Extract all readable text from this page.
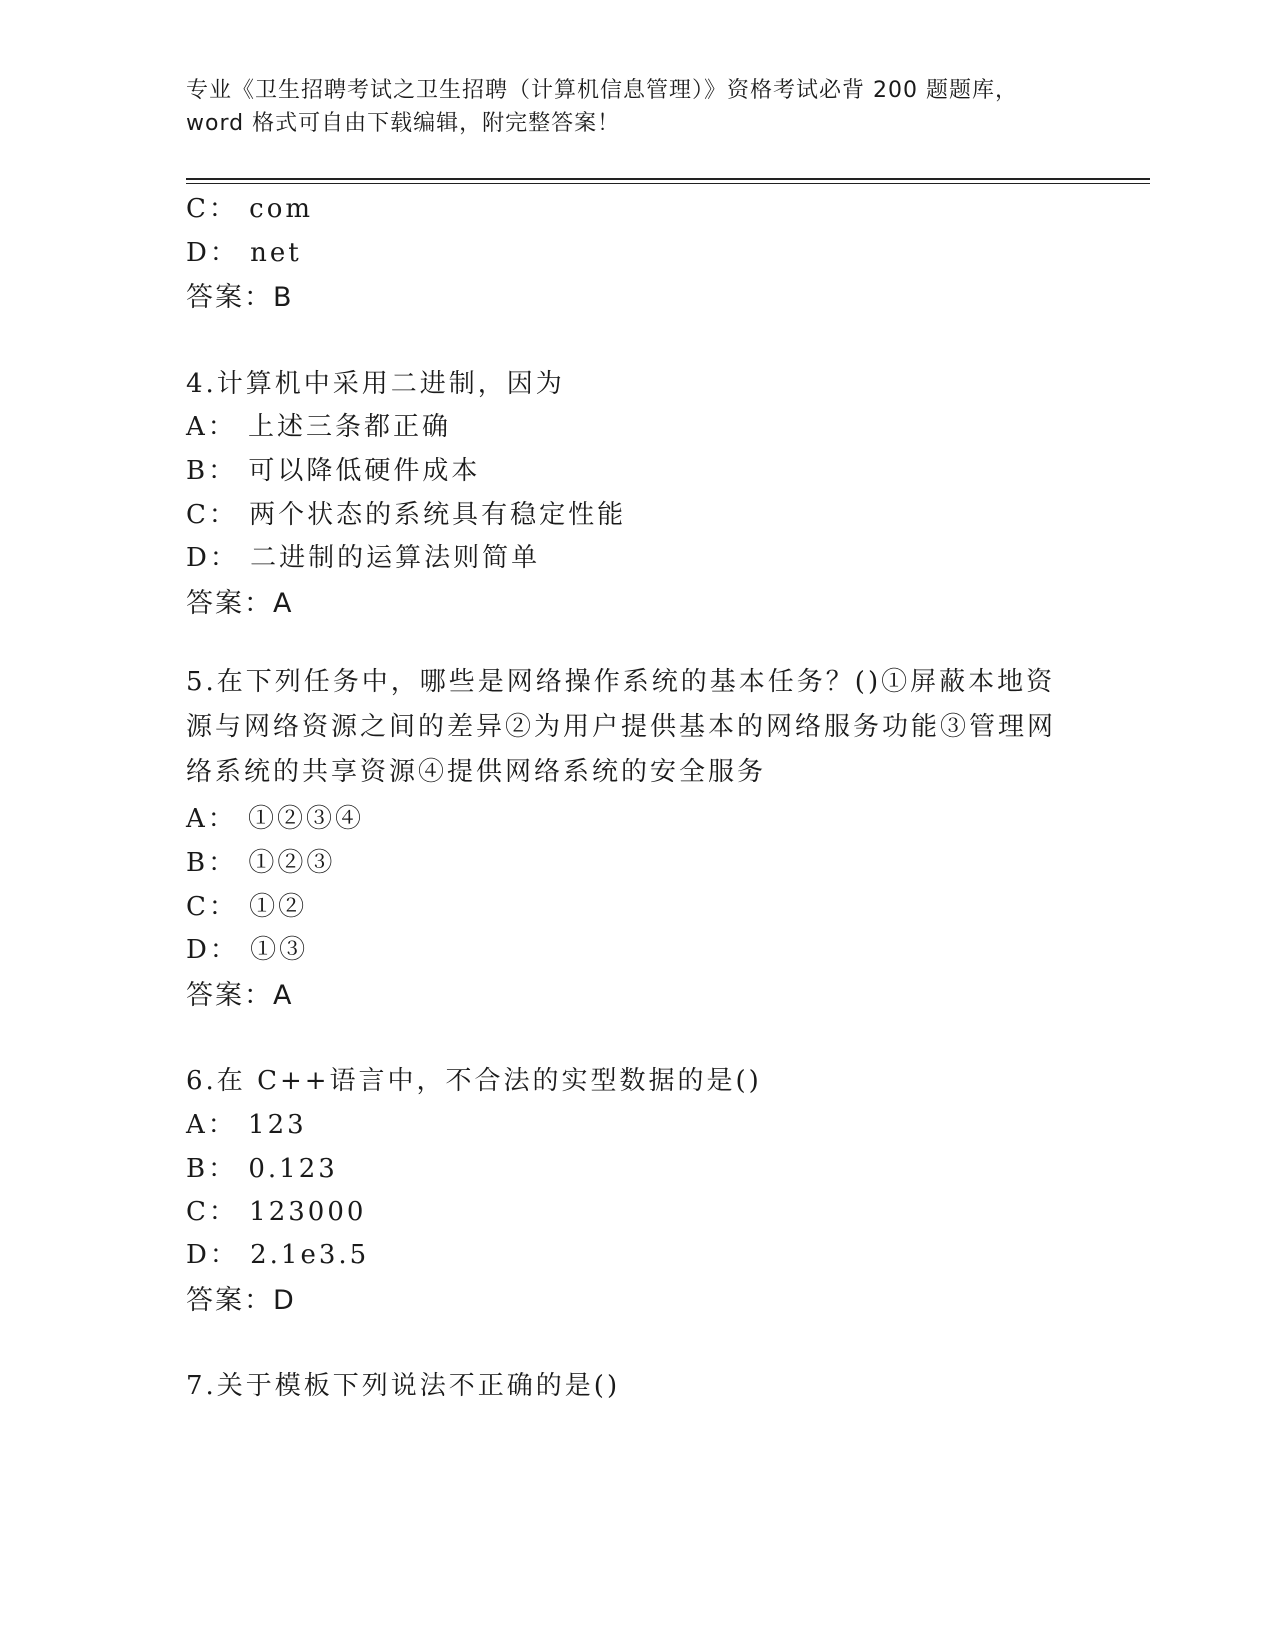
专业《卫生招聘考试之卫生招聘（计算机信息管理）》资格考试必背 200 题题库，
word 格式可自由下载编辑，附完整答案！
C： com
D： net
答案：B
4.计算机中采用二进制，因为
A： 上述三条都正确
B： 可以降低硬件成本
C： 两个状态的系统具有稳定性能
D： 二进制的运算法则简单
答案：A
5.在下列任务中，哪些是网络操作系统的基本任务？()①屏蔽本地资源与网络资源之间的差异②为用户提供基本的网络服务功能③管理网络系统的共享资源④提供网络系统的安全服务
A： ①②③④
B： ①②③
C： ①②
D： ①③
答案：A
6.在 C++语言中，不合法的实型数据的是()
A： 123
B： 0.123
C： 123000
D： 2.1e3.5
答案：D
7.关于模板下列说法不正确的是()
